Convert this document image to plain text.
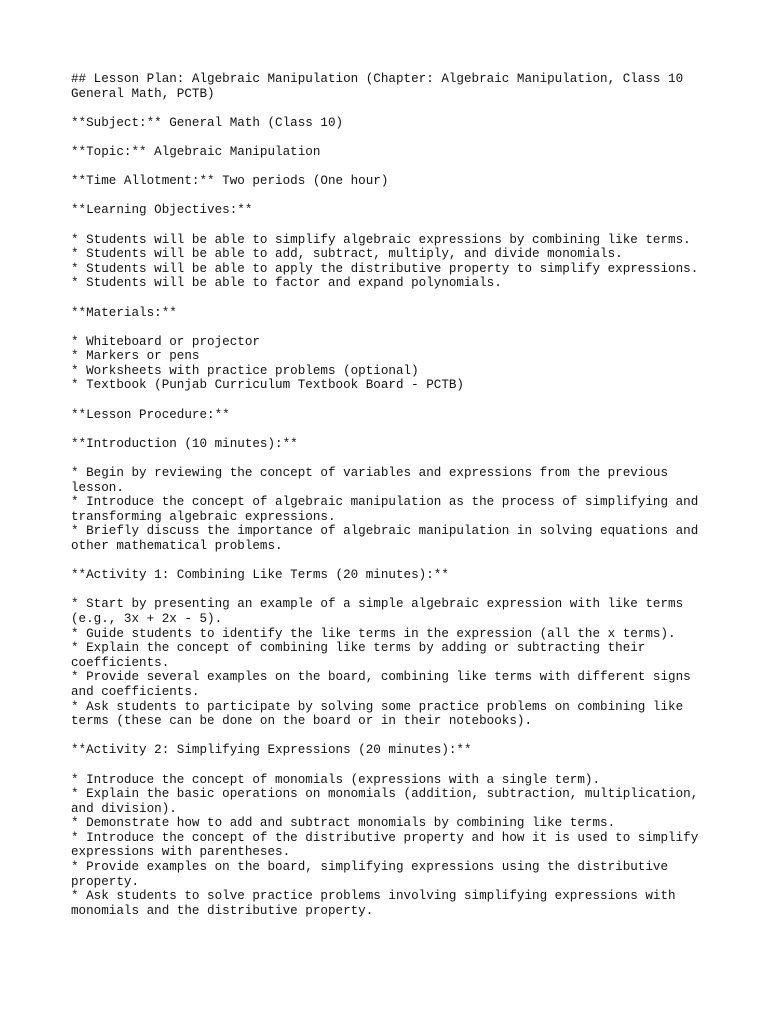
## Lesson Plan: Algebraic Manipulation (Chapter: Algebraic Manipulation, Class 10

General Math, PCTB)

**Subject:** General Math (Class 10)

**Topic:** Algebraic Manipulation

**Time Allotment:** Two periods (One hour)

**Learning Objectives:**

* Students will be able to simplify algebraic expressions by combining like terms.

* Students will be able to add, subtract, multiply, and divide monomials.

* Students will be able to apply the distributive property to simplify expressions.

* Students will be able to factor and expand polynomials.

**Materials:**

* Whiteboard or projector

* Markers or pens

* Worksheets with practice problems (optional)

* Textbook (Punjab Curriculum Textbook Board - PCTB)

**Lesson Procedure:**

**Introduction (10 minutes):**

* Begin by reviewing the concept of variables and expressions from the previous

lesson.

* Introduce the concept of algebraic manipulation as the process of simplifying and

transforming algebraic expressions.

* Briefly discuss the importance of algebraic manipulation in solving equations and

other mathematical problems.

**Activity 1: Combining Like Terms (20 minutes):**

* Start by presenting an example of a simple algebraic expression with like terms

(e.g., 3x + 2x - 5).

* Guide students to identify the like terms in the expression (all the x terms).

* Explain the concept of combining like terms by adding or subtracting their

coefficients.

* Provide several examples on the board, combining like terms with different signs

and coefficients.

* Ask students to participate by solving some practice problems on combining like

terms (these can be done on the board or in their notebooks).

**Activity 2: Simplifying Expressions (20 minutes):**

* Introduce the concept of monomials (expressions with a single term).

* Explain the basic operations on monomials (addition, subtraction, multiplication,

and division).

* Demonstrate how to add and subtract monomials by combining like terms.

* Introduce the concept of the distributive property and how it is used to simplify

expressions with parentheses.

* Provide examples on the board, simplifying expressions using the distributive

property.

* Ask students to solve practice problems involving simplifying expressions with

monomials and the distributive property.
